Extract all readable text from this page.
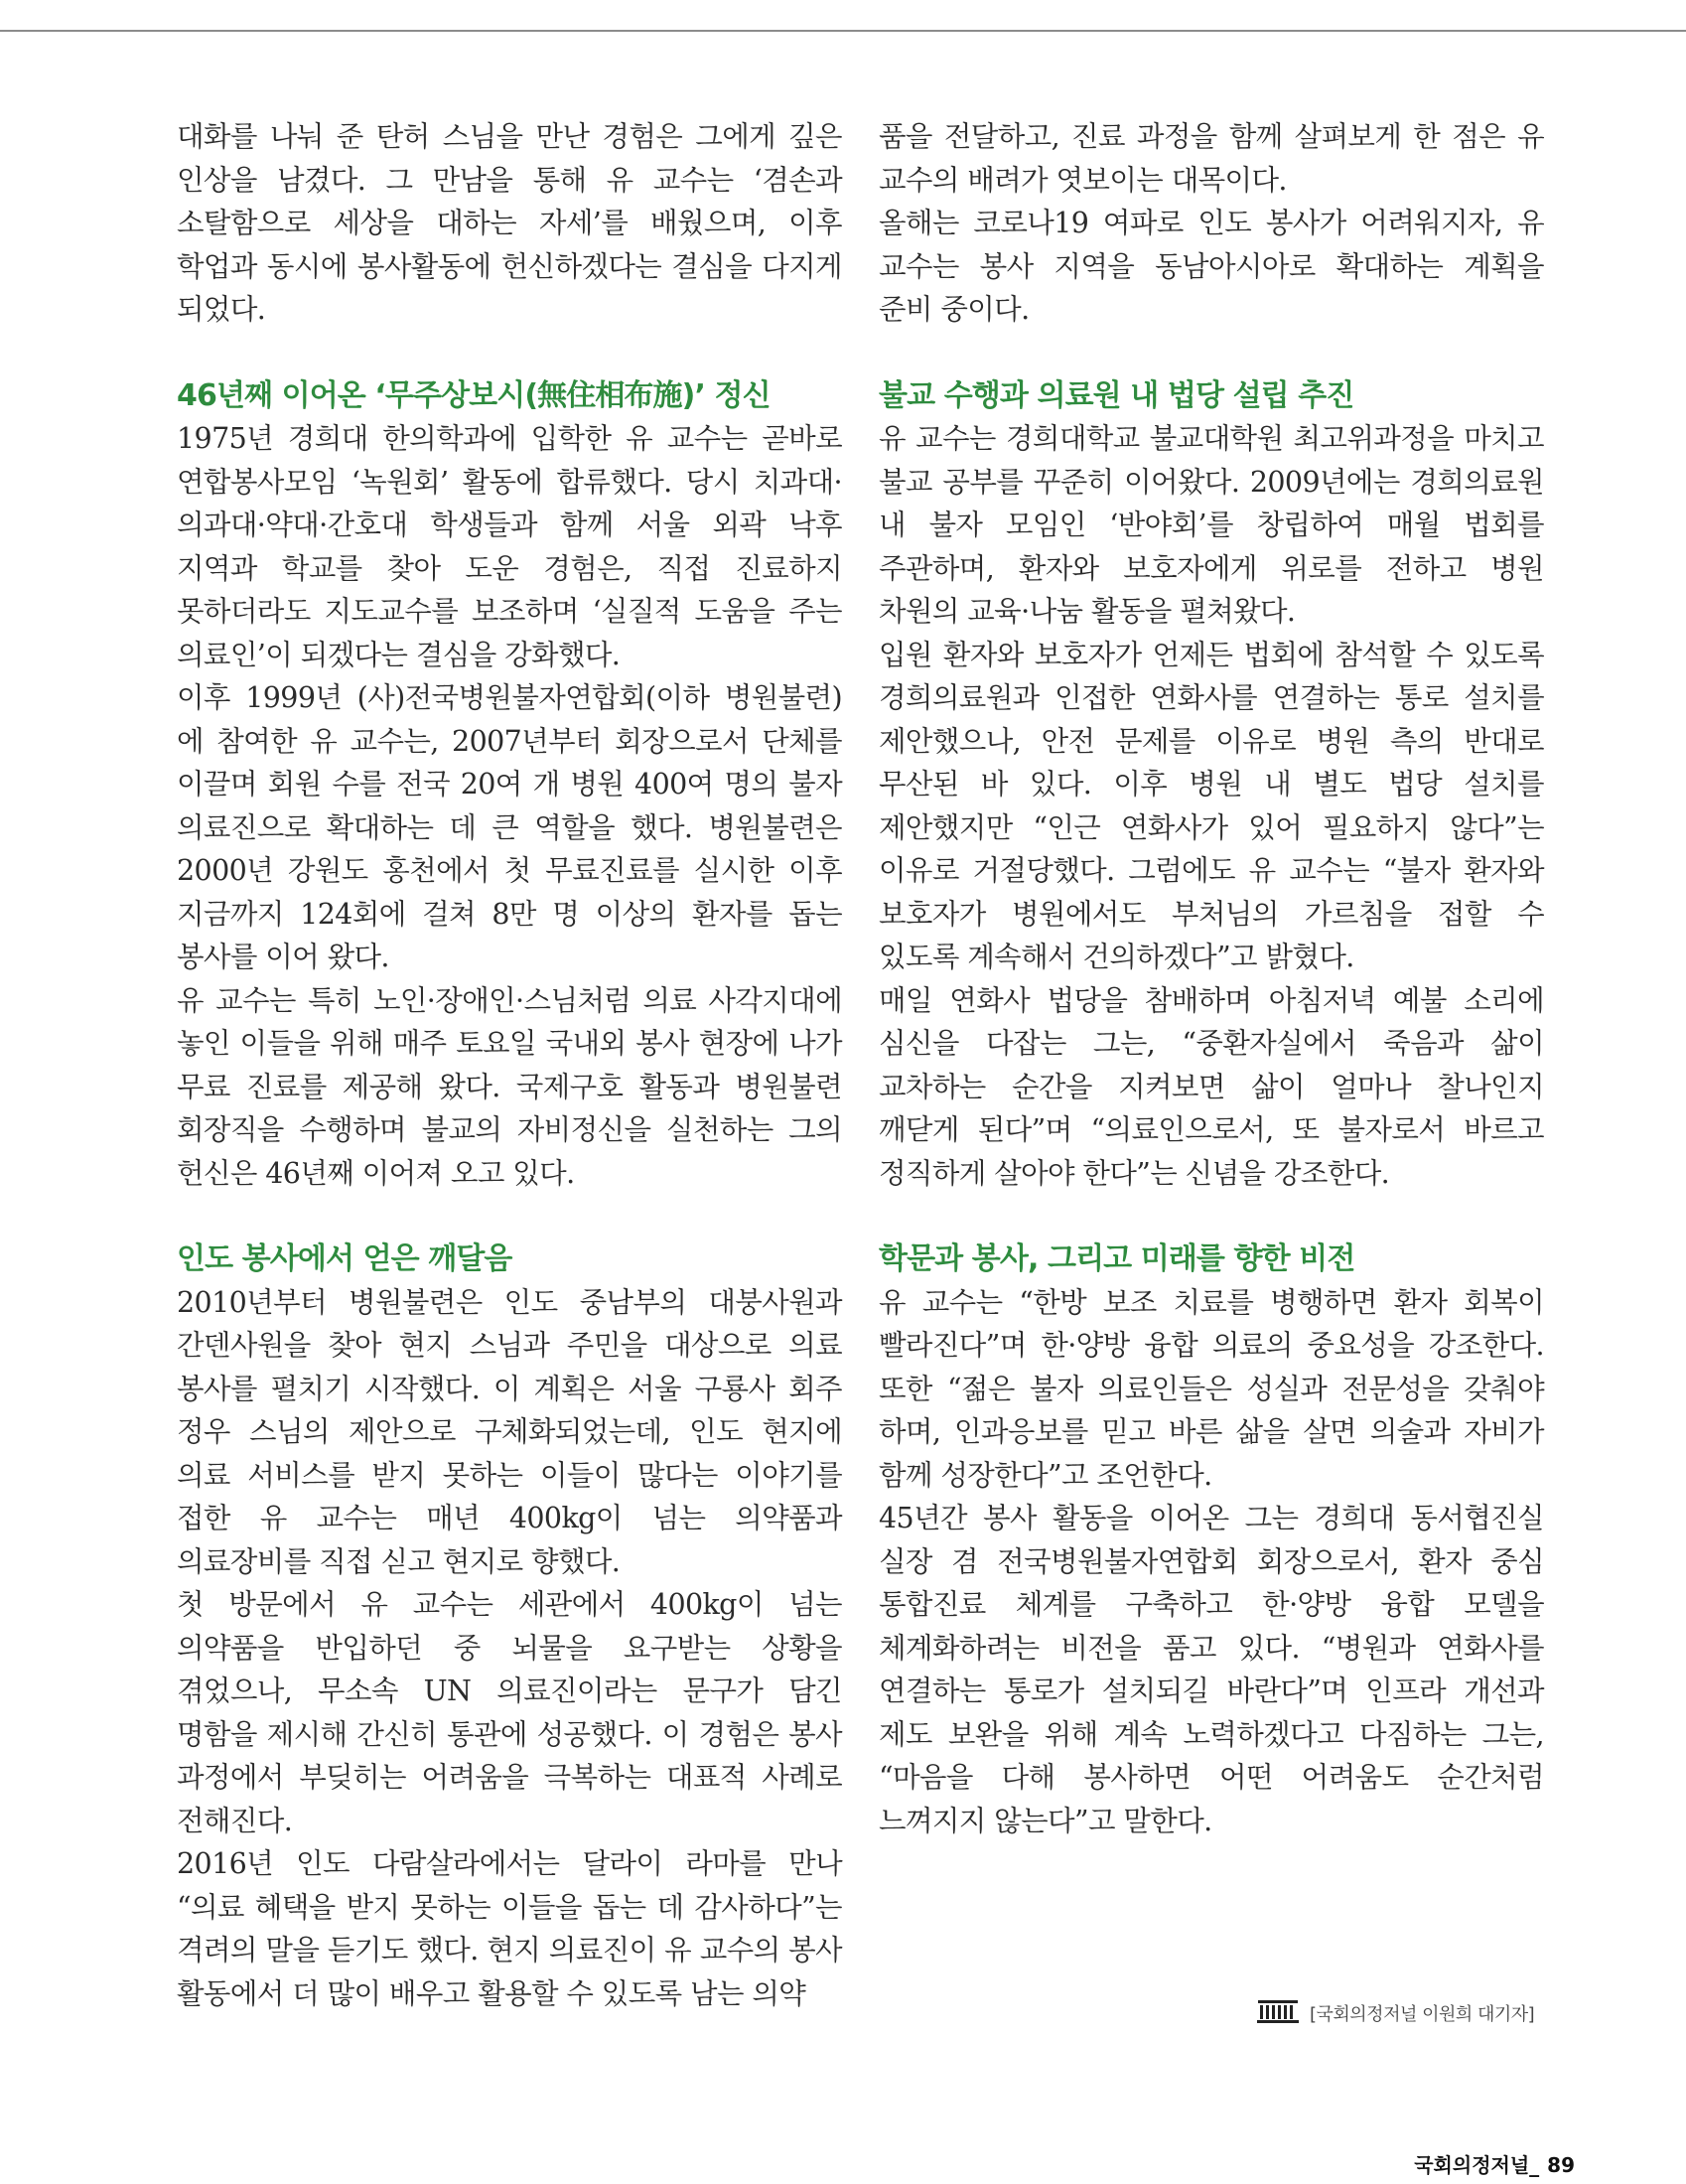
대화를 나눠 준 탄허 스님을 만난 경험은 그에게 깊은 인상을 남겼다. 그 만남을 통해 유 교수는 ‘겸손과 소탈함으로 세상을 대하는 자세’를 배웠으며, 이후 학업과 동시에 봉사활동에 헌신하겠다는 결심을 다지게 되었다.

46년째 이어온 ‘무주상보시(無住相布施)’ 정신

1975년 경희대 한의학과에 입학한 유 교수는 곧바로 연합봉사모임 ‘녹원회’ 활동에 합류했다. 당시 치과대·의과대·약대·간호대 학생들과 함께 서울 외곽 낙후 지역과 학교를 찾아 도운 경험은, 직접 진료하지 못하더라도 지도교수를 보조하며 ‘실질적 도움을 주는 의료인’이 되겠다는 결심을 강화했다.

이후 1999년 (사)전국병원불자연합회(이하 병원불련)에 참여한 유 교수는, 2007년부터 회장으로서 단체를 이끌며 회원 수를 전국 20여 개 병원 400여 명의 불자 의료진으로 확대하는 데 큰 역할을 했다. 병원불련은 2000년 강원도 홍천에서 첫 무료진료를 실시한 이후 지금까지 124회에 걸쳐 8만 명 이상의 환자를 돕는 봉사를 이어 왔다.

유 교수는 특히 노인·장애인·스님처럼 의료 사각지대에 놓인 이들을 위해 매주 토요일 국내외 봉사 현장에 나가 무료 진료를 제공해 왔다. 국제구호 활동과 병원불련 회장직을 수행하며 불교의 자비정신을 실천하는 그의 헌신은 46년째 이어져 오고 있다.

인도 봉사에서 얻은 깨달음

2010년부터 병원불련은 인도 중남부의 대붕사원과 간덴사원을 찾아 현지 스님과 주민을 대상으로 의료 봉사를 펼치기 시작했다. 이 계획은 서울 구룡사 회주 정우 스님의 제안으로 구체화되었는데, 인도 현지에 의료 서비스를 받지 못하는 이들이 많다는 이야기를 접한 유 교수는 매년 400kg이 넘는 의약품과 의료장비를 직접 싣고 현지로 향했다.

첫 방문에서 유 교수는 세관에서 400kg이 넘는 의약품을 반입하던 중 뇌물을 요구받는 상황을 겪었으나, 무소속 UN 의료진이라는 문구가 담긴 명함을 제시해 간신히 통관에 성공했다. 이 경험은 봉사 과정에서 부딪히는 어려움을 극복하는 대표적 사례로 전해진다.

2016년 인도 다람살라에서는 달라이 라마를 만나 “의료 혜택을 받지 못하는 이들을 돕는 데 감사하다”는 격려의 말을 듣기도 했다. 현지 의료진이 유 교수의 봉사 활동에서 더 많이 배우고 활용할 수 있도록 남는 의약

품을 전달하고, 진료 과정을 함께 살펴보게 한 점은 유 교수의 배려가 엿보이는 대목이다.

올해는 코로나19 여파로 인도 봉사가 어려워지자, 유 교수는 봉사 지역을 동남아시아로 확대하는 계획을 준비 중이다.

불교 수행과 의료원 내 법당 설립 추진

유 교수는 경희대학교 불교대학원 최고위과정을 마치고 불교 공부를 꾸준히 이어왔다. 2009년에는 경희의료원 내 불자 모임인 ‘반야회’를 창립하여 매월 법회를 주관하며, 환자와 보호자에게 위로를 전하고 병원 차원의 교육·나눔 활동을 펼쳐왔다.

입원 환자와 보호자가 언제든 법회에 참석할 수 있도록 경희의료원과 인접한 연화사를 연결하는 통로 설치를 제안했으나, 안전 문제를 이유로 병원 측의 반대로 무산된 바 있다. 이후 병원 내 별도 법당 설치를 제안했지만 “인근 연화사가 있어 필요하지 않다”는 이유로 거절당했다. 그럼에도 유 교수는 “불자 환자와 보호자가 병원에서도 부처님의 가르침을 접할 수 있도록 계속해서 건의하겠다”고 밝혔다.

매일 연화사 법당을 참배하며 아침저녁 예불 소리에 심신을 다잡는 그는, “중환자실에서 죽음과 삶이 교차하는 순간을 지켜보면 삶이 얼마나 찰나인지 깨닫게 된다”며 “의료인으로서, 또 불자로서 바르고 정직하게 살아야 한다”는 신념을 강조한다.

학문과 봉사, 그리고 미래를 향한 비전

유 교수는 “한방 보조 치료를 병행하면 환자 회복이 빨라진다”며 한·양방 융합 의료의 중요성을 강조한다. 또한 “젊은 불자 의료인들은 성실과 전문성을 갖춰야 하며, 인과응보를 믿고 바른 삶을 살면 의술과 자비가 함께 성장한다”고 조언한다.

45년간 봉사 활동을 이어온 그는 경희대 동서협진실 실장 겸 전국병원불자연합회 회장으로서, 환자 중심 통합진료 체계를 구축하고 한·양방 융합 모델을 체계화하려는 비전을 품고 있다. “병원과 연화사를 연결하는 통로가 설치되길 바란다”며 인프라 개선과 제도 보완을 위해 계속 노력하겠다고 다짐하는 그는, “마음을 다해 봉사하면 어떤 어려움도 순간처럼 느껴지지 않는다”고 말한다.

[국회의정저널 이원희 대기자]
국회의정저널_ 89
